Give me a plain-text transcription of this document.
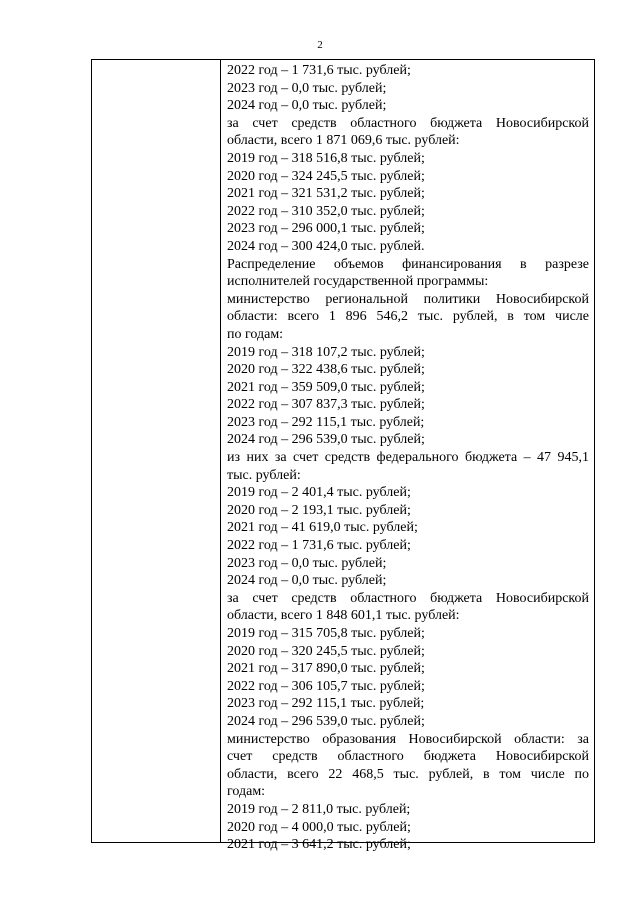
2
2022 год – 1 731,6 тыс. рублей;
2023 год – 0,0 тыс. рублей;
2024 год – 0,0 тыс. рублей;
за счет средств областного бюджета Новосибирской
области, всего 1 871 069,6 тыс. рублей:
2019 год – 318 516,8 тыс. рублей;
2020 год – 324 245,5 тыс. рублей;
2021 год – 321 531,2 тыс. рублей;
2022 год – 310 352,0 тыс. рублей;
2023 год – 296 000,1 тыс. рублей;
2024 год – 300 424,0 тыс. рублей.
Распределение объемов финансирования в разрезе
исполнителей государственной программы:
министерство региональной политики Новосибирской
области: всего 1 896 546,2 тыс. рублей, в том числе
по годам:
2019 год – 318 107,2 тыс. рублей;
2020 год – 322 438,6 тыс. рублей;
2021 год – 359 509,0 тыс. рублей;
2022 год – 307 837,3 тыс. рублей;
2023 год – 292 115,1 тыс. рублей;
2024 год – 296 539,0 тыс. рублей;
из них за счет средств федерального бюджета – 47 945,1
тыс. рублей:
2019 год – 2 401,4 тыс. рублей;
2020 год – 2 193,1 тыс. рублей;
2021 год – 41 619,0 тыс. рублей;
2022 год – 1 731,6 тыс. рублей;
2023 год – 0,0 тыс. рублей;
2024 год – 0,0 тыс. рублей;
за счет средств областного бюджета Новосибирской
области, всего 1 848 601,1 тыс. рублей:
2019 год – 315 705,8 тыс. рублей;
2020 год – 320 245,5 тыс. рублей;
2021 год – 317 890,0 тыс. рублей;
2022 год – 306 105,7 тыс. рублей;
2023 год – 292 115,1 тыс. рублей;
2024 год – 296 539,0 тыс. рублей;
министерство образования Новосибирской области: за
счет средств областного бюджета Новосибирской
области, всего 22 468,5 тыс. рублей, в том числе по
годам:
2019 год – 2 811,0 тыс. рублей;
2020 год – 4 000,0 тыс. рублей;
2021 год – 3 641,2 тыс. рублей;
